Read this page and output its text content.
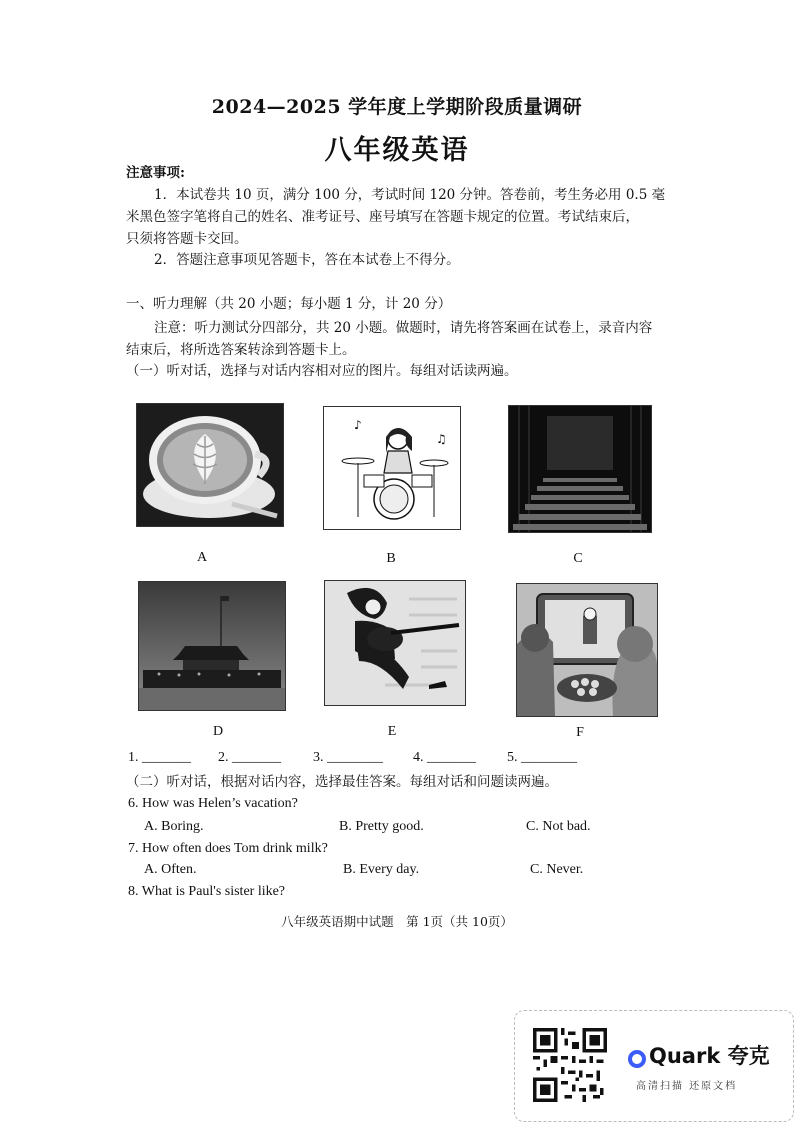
2024—2025 学年度上学期阶段质量调研
八年级英语
注意事项:
1．本试卷共 10 页，满分 100 分，考试时间 120 分钟。答卷前，考生务必用 0.5 毫
米黑色签字笔将自己的姓名、准考证号、座号填写在答题卡规定的位置。考试结束后，
只须将答题卡交回。
2．答题注意事项见答题卡，答在本试卷上不得分。
一、听力理解（共 20 小题；每小题 1 分，计 20 分）
注意：听力测试分四部分，共 20 小题。做题时，请先将答案画在试卷上，录音内容
结束后，将所选答案转涂到答题卡上。
（一）听对话，选择与对话内容相对应的图片。每组对话读两遍。
A
♪
♫
B	C
D	E	F
1. _______ 2. _______ 3. ________ 4. _______ 5. ________
（二）听对话，根据对话内容，选择最佳答案。每组对话和问题读两遍。
6. How was Helen’s vacation?
A. Boring.	B. Pretty good.	C. Not bad.
7. How often does Tom drink milk?
A. Often.	B. Every day.	C. Never.
8. What is Paul's sister like?
八年级英语期中试题　第 1页（共 10页）
Quark 夸克
高清扫描 还原文档
